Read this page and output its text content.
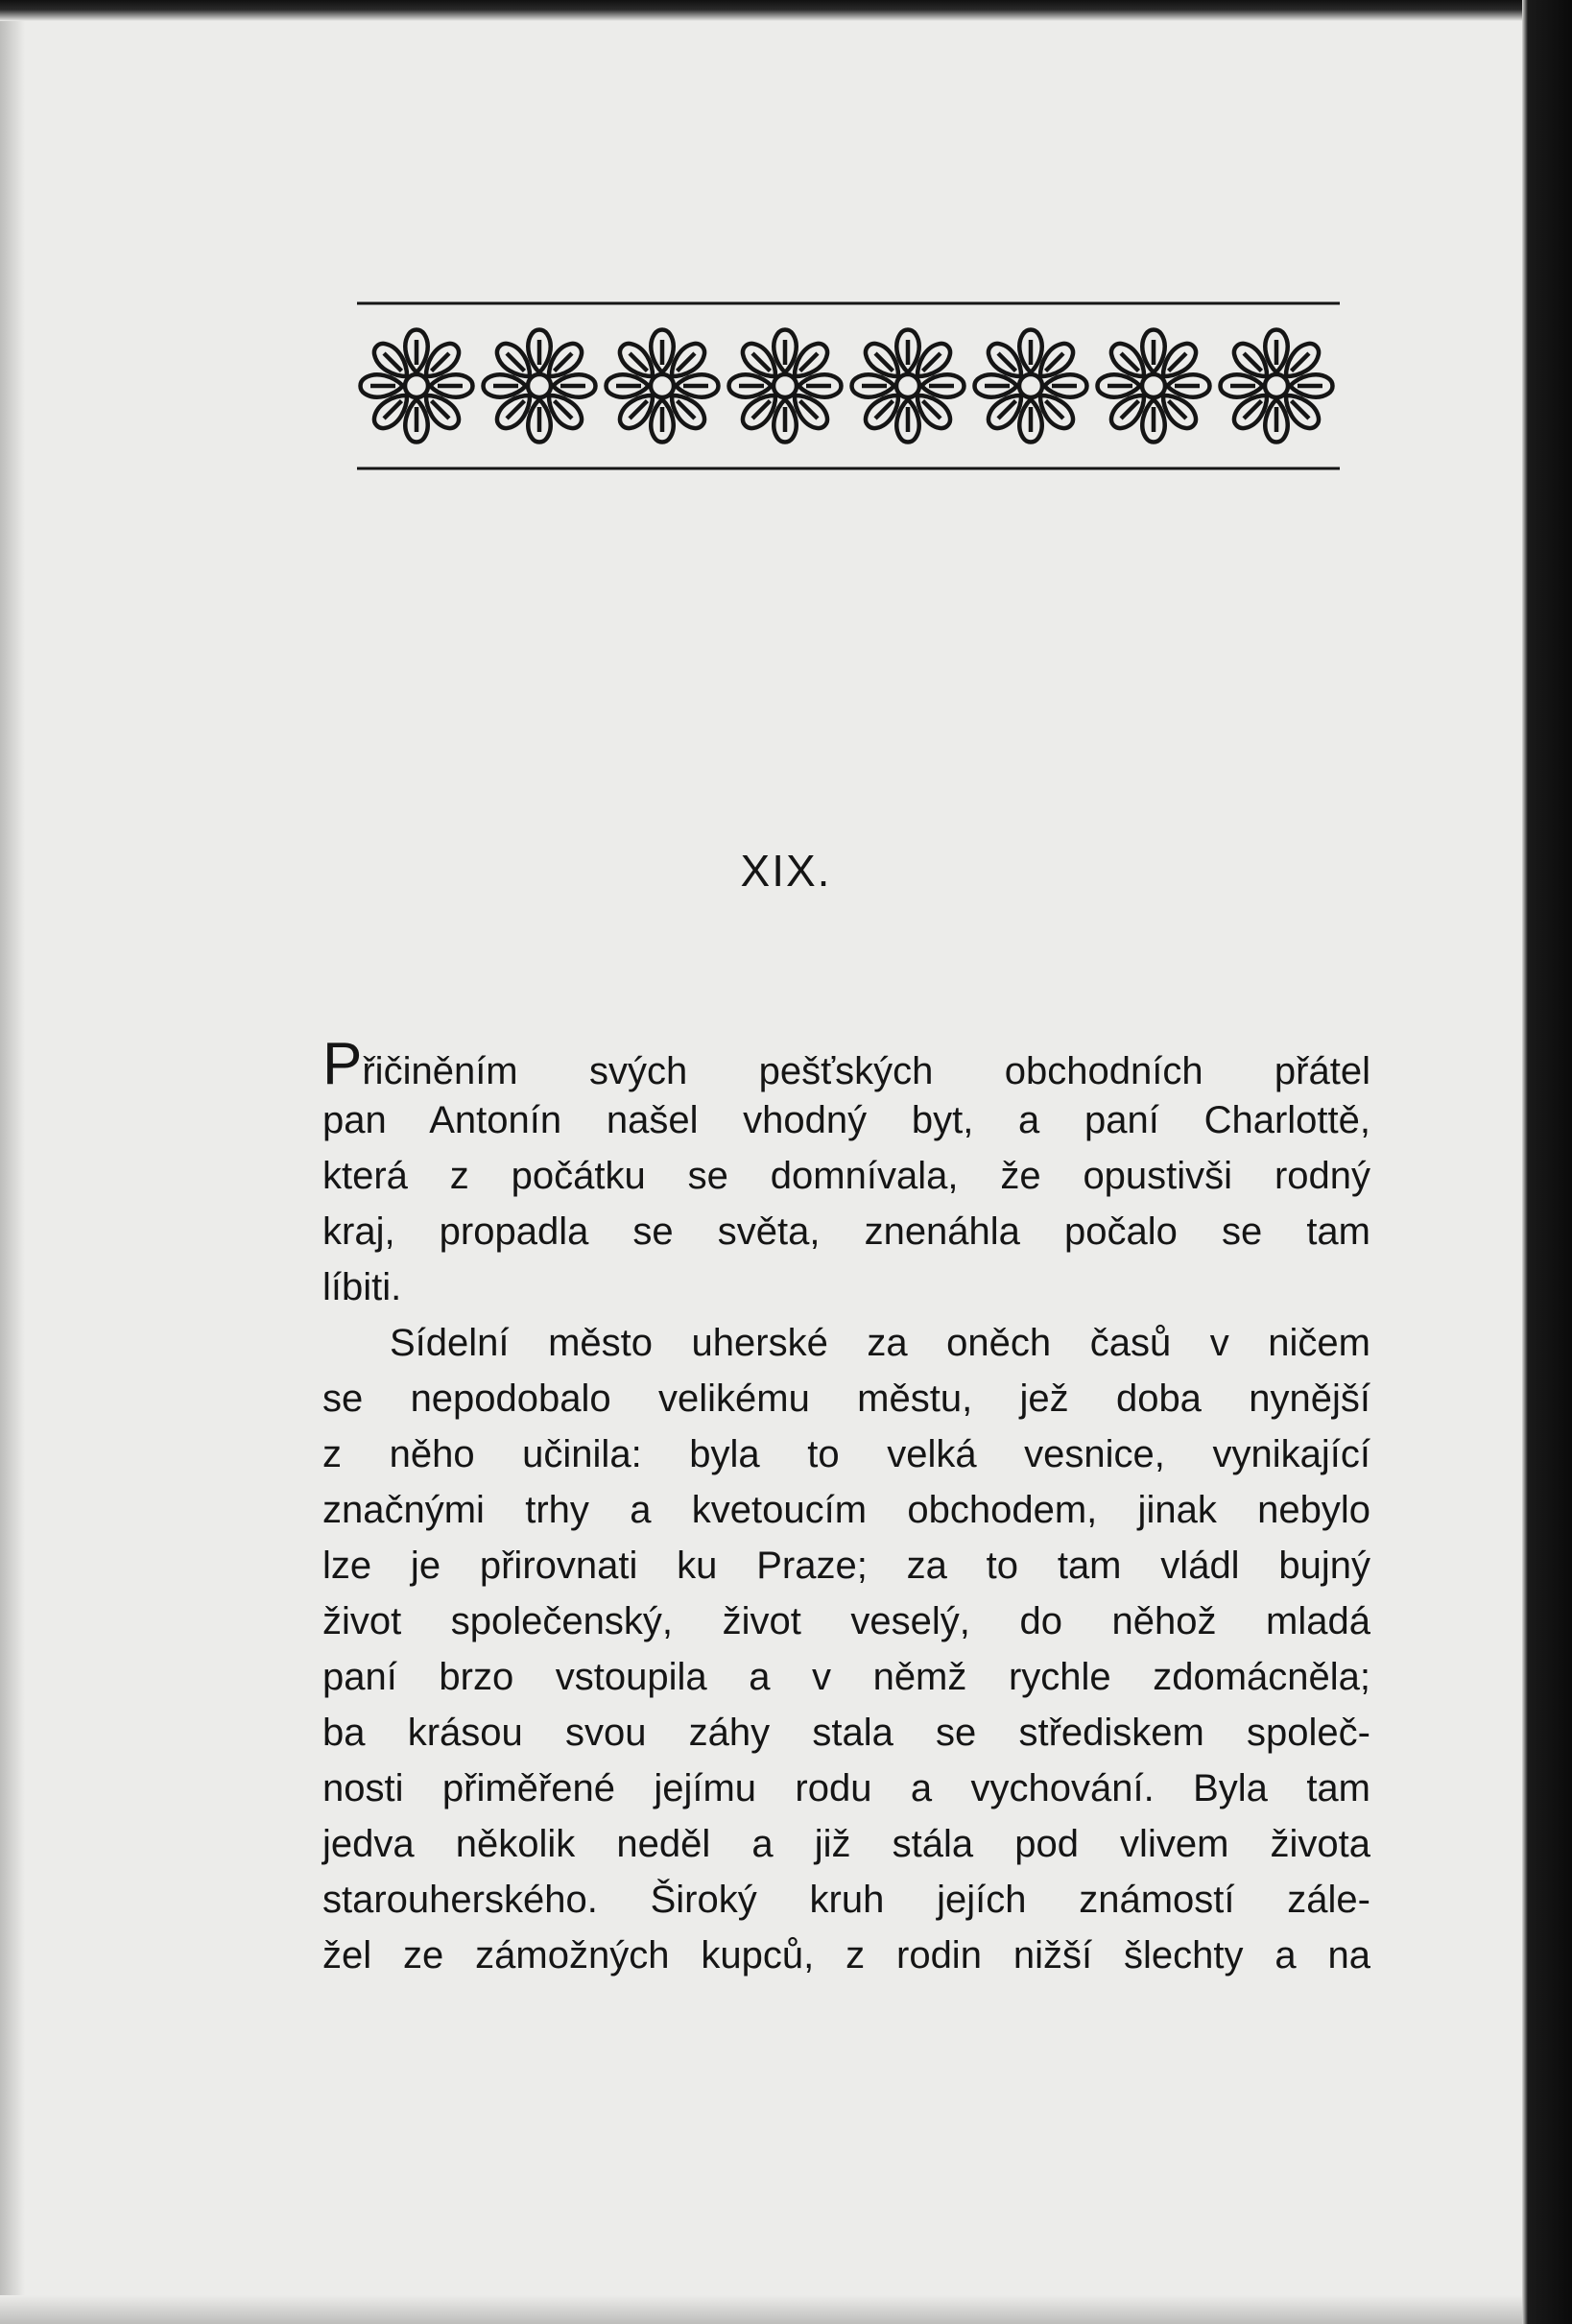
XIX.
Přičiněním svých pešťských obchodních přátel
pan Antonín našel vhodný byt, a paní Charlottě,
která z počátku se domnívala, že opustivši rodný
kraj, propadla se světa, znenáhla počalo se tam
líbiti.
Sídelní město uherské za oněch časů v ničem
se nepodobalo velikému městu, jež doba nynější
z něho učinila: byla to velká vesnice, vynikající
značnými trhy a kvetoucím obchodem, jinak nebylo
lze je přirovnati ku Praze; za to tam vládl bujný
život společenský, život veselý, do něhož mladá
paní brzo vstoupila a v němž rychle zdomácněla;
ba krásou svou záhy stala se střediskem společ-
nosti přiměřené jejímu rodu a vychování. Byla tam
jedva několik neděl a již stála pod vlivem života
starouherského. Široký kruh jejích známostí zále-
žel ze zámožných kupců, z rodin nižší šlechty a na
